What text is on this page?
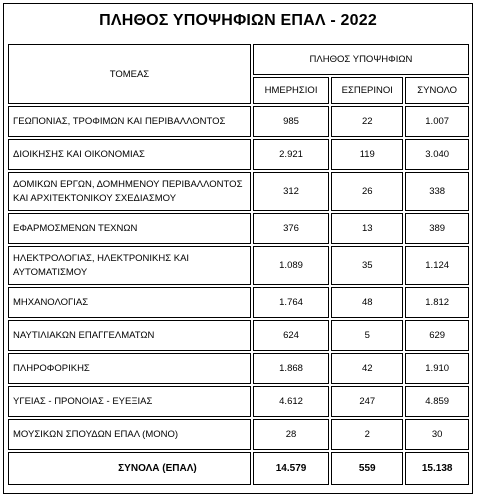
ΠΛΗΘΟΣ ΥΠΟΨΗΦΙΩΝ ΕΠΑΛ - 2022
ΤΟΜΕΑΣ	ΠΛΗΘΟΣ ΥΠΟΨΗΦΙΩΝ		
	ΗΜΕΡΗΣΙΟΙ	ΕΣΠΕΡΙΝΟΙ	ΣΥΝΟΛΟ
ΓΕΩΠΟΝΙΑΣ, ΤΡΟΦΙΜΩΝ ΚΑΙ ΠΕΡΙΒΑΛΛΟΝΤΟΣ	985	22	1.007
ΔΙΟΙΚΗΣΗΣ ΚΑΙ ΟΙΚΟΝΟΜΙΑΣ	2.921	119	3.040
ΔΟΜΙΚΩΝ ΕΡΓΩΝ, ΔΟΜΗΜΕΝΟΥ ΠΕΡΙΒΑΛΛΟΝΤΟΣ ΚΑΙ ΑΡΧΙΤΕΚΤΟΝΙΚΟΥ ΣΧΕΔΙΑΣΜΟΥ	312	26	338
ΕΦΑΡΜΟΣΜΕΝΩΝ ΤΕΧΝΩΝ	376	13	389
ΗΛΕΚΤΡΟΛΟΓΙΑΣ, ΗΛΕΚΤΡΟΝΙΚΗΣ ΚΑΙ ΑΥΤΟΜΑΤΙΣΜΟΥ	1.089	35	1.124
ΜΗΧΑΝΟΛΟΓΙΑΣ	1.764	48	1.812
ΝΑΥΤΙΛΙΑΚΩΝ ΕΠΑΓΓΕΛΜΑΤΩΝ	624	5	629
ΠΛΗΡΟΦΟΡΙΚΗΣ	1.868	42	1.910
ΥΓΕΙΑΣ - ΠΡΟΝΟΙΑΣ - ΕΥΕΞΙΑΣ	4.612	247	4.859
ΜΟΥΣΙΚΩΝ ΣΠΟΥΔΩΝ ΕΠΑΛ (ΜΟΝΟ)	28	2	30
ΣΥΝΟΛΑ (ΕΠΑΛ)	14.579	559	15.138
